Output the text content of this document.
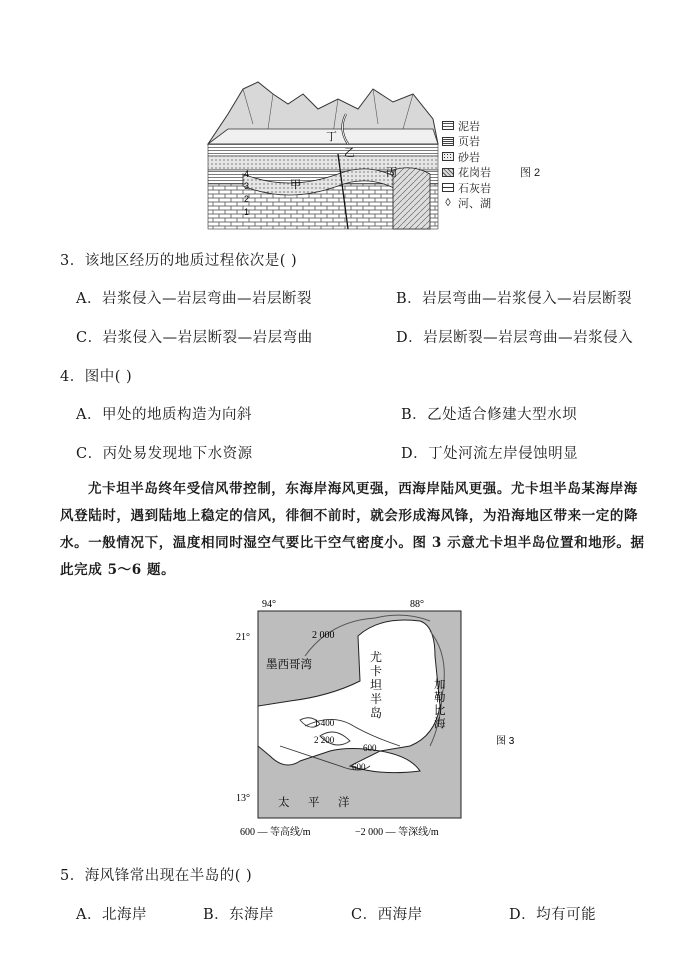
丁
乙
甲
丙
4
3
2
1
泥岩
页岩
砂岩
花岗岩
石灰岩
◊ 河、湖
图 2
3．该地区经历的地质过程依次是( )
A．岩浆侵入—岩层弯曲—岩层断裂	B．岩层弯曲—岩浆侵入—岩层断裂
C．岩浆侵入—岩层断裂—岩层弯曲	D．岩层断裂—岩层弯曲—岩浆侵入
4．图中( )
A．甲处的地质构造为向斜	B．乙处适合修建大型水坝
C．丙处易发现地下水资源	D．丁处河流左岸侵蚀明显
尤卡坦半岛终年受信风带控制，东海岸海风更强，西海岸陆风更强。尤卡坦半岛某海岸海
风登陆时，遇到陆地上稳定的信风，徘徊不前时，就会形成海风锋，为沿海地区带来一定的降
水。一般情况下，温度相同时湿空气要比干空气密度小。图 3 示意尤卡坦半岛位置和地形。据
此完成 5～6 题。
94°	88°
21°
13°
墨西哥湾
2 000
尤
卡
坦
半
岛
加
勒
比
海
1 400
2 200
600
600
太 平 洋
600 — 等高线/m	−2 000 — 等深线/m
图 3
5．海风锋常出现在半岛的( )
A．北海岸	B．东海岸	C．西海岸	D．均有可能
